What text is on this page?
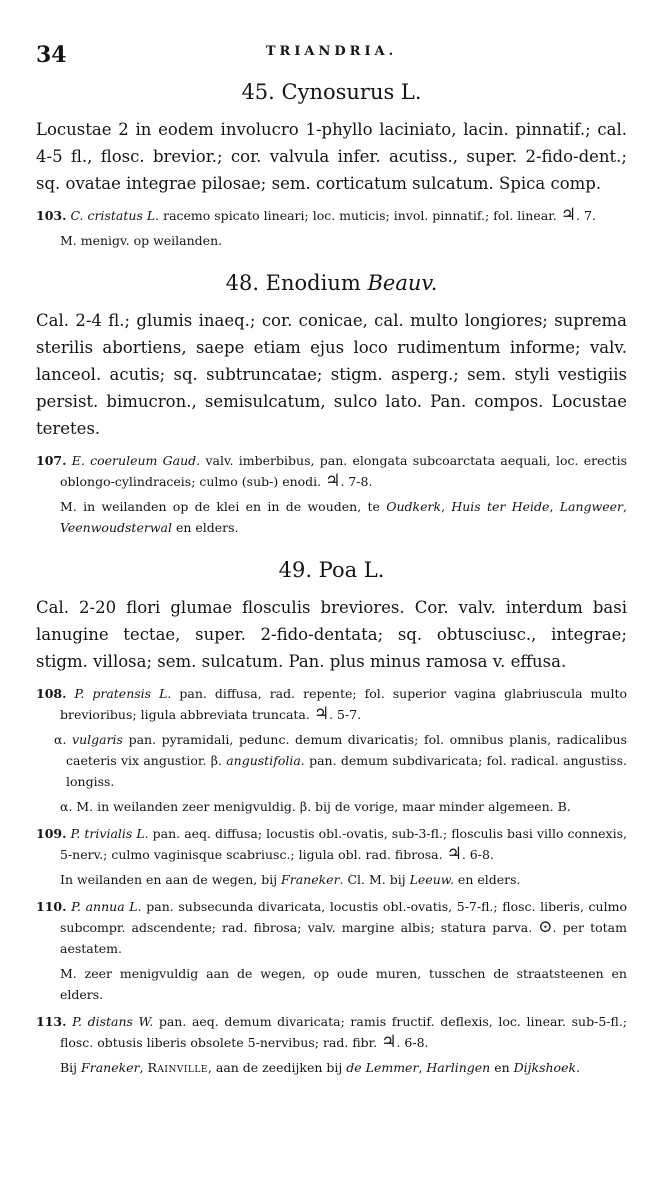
34	TRIANDRIA.
45. Cynosurus L.

Locustae 2 in eodem involucro 1-phyllo laciniato, lacin. pinnatif.; cal. 4-5 fl., flosc. brevior.; cor. valvula infer. acutiss., super. 2-fido-dent.; sq. ovatae integrae pilosae; sem. corticatum sulcatum. Spica comp.

103. C. cristatus L. racemo spicato lineari; loc. muticis; invol. pinnatif.; fol. linear. ♃. 7.

M. menigv. op weilanden.

48. Enodium Beauv.

Cal. 2-4 fl.; glumis inaeq.; cor. conicae, cal. multo longiores; suprema sterilis abortiens, saepe etiam ejus loco rudimentum informe; valv. lanceol. acutis; sq. subtruncatae; stigm. asperg.; sem. styli vestigiis persist. bimucron., semisulcatum, sulco lato. Pan. compos. Locustae teretes.

107. E. coeruleum Gaud. valv. imberbibus, pan. elongata subcoarctata aequali, loc. erectis oblongo-cylindraceis; culmo (sub-) enodi. ♃. 7-8.

M. in weilanden op de klei en in de wouden, te Oudkerk, Huis ter Heide, Langweer, Veenwoudsterwal en elders.

49. Poa L.

Cal. 2-20 flori glumae flosculis breviores. Cor. valv. interdum basi lanugine tectae, super. 2-fido-dentata; sq. obtusciusc., integrae; stigm. villosa; sem. sulcatum. Pan. plus minus ramosa v. effusa.

108. P. pratensis L. pan. diffusa, rad. repente; fol. superior vagina glabriuscula multo brevioribus; ligula abbreviata truncata. ♃. 5-7.

α. vulgaris pan. pyramidali, pedunc. demum divaricatis; fol. omnibus planis, radicalibus caeteris vix angustior. β. angustifolia. pan. demum subdivaricata; fol. radical. angustiss. longiss.

α. M. in weilanden zeer menigvuldig. β. bij de vorige, maar minder algemeen. B.

109. P. trivialis L. pan. aeq. diffusa; locustis obl.-ovatis, sub-3-fl.; flosculis basi villo connexis, 5-nerv.; culmo vaginisque scabriusc.; ligula obl. rad. fibrosa. ♃. 6-8.

In weilanden en aan de wegen, bij Franeker. Cl. M. bij Leeuw. en elders.

110. P. annua L. pan. subsecunda divaricata, locustis obl.-ovatis, 5-7-fl.; flosc. liberis, culmo subcompr. adscendente; rad. fibrosa; valv. margine albis; statura parva. ⊙. per totam aestatem.

M. zeer menigvuldig aan de wegen, op oude muren, tusschen de straatsteenen en elders.

113. P. distans W. pan. aeq. demum divaricata; ramis fructif. deflexis, loc. linear. sub-5-fl.; flosc. obtusis liberis obsolete 5-nervibus; rad. fibr. ♃. 6-8.

Bij Franeker, Rainville, aan de zeedijken bij de Lemmer, Harlingen en Dijkshoek.
